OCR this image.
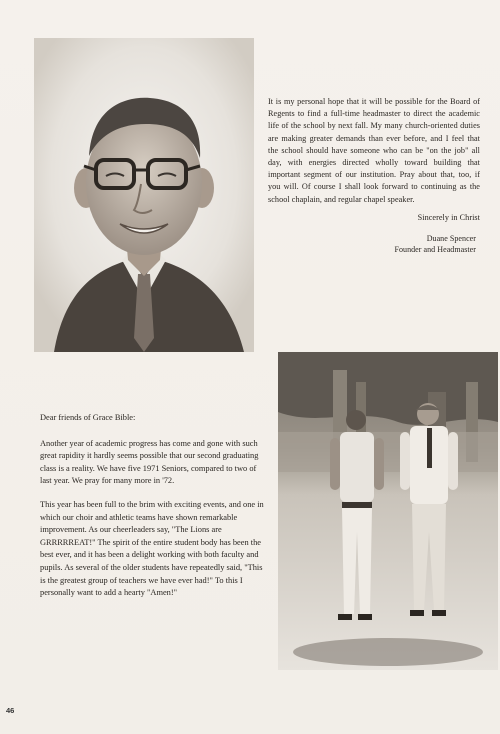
It is my personal hope that it will be possible for the Board of Regents to find a full-time headmaster to direct the academic life of the school by next fall. My many church-oriented duties are making greater demands than ever before, and I feel that the school should have someone who can be "on the job" all day, with energies directed wholly toward building that important segment of our institution. Pray about that, too, if you will. Of course I shall look forward to continuing as the school chaplain, and regular chapel speaker.

Sincerely in Christ
Duane Spencer
Founder and Headmaster

Dear friends of Grace Bible:

Another year of academic progress has come and gone with such great rapidity it hardly seems possible that our second graduating class is a reality. We have five 1971 Seniors, compared to two of last year. We pray for many more in '72.

This year has been full to the brim with exciting events, and one in which our choir and athletic teams have shown remarkable improvement. As our cheerleaders say, "The Lions are GRRRRREAT!" The spirit of the entire student body has been the best ever, and it has been a delight working with both faculty and pupils. As several of the older students have repeatedly said, "This is the greatest group of teachers we have ever had!" To this I personally want to add a hearty "Amen!"

46
